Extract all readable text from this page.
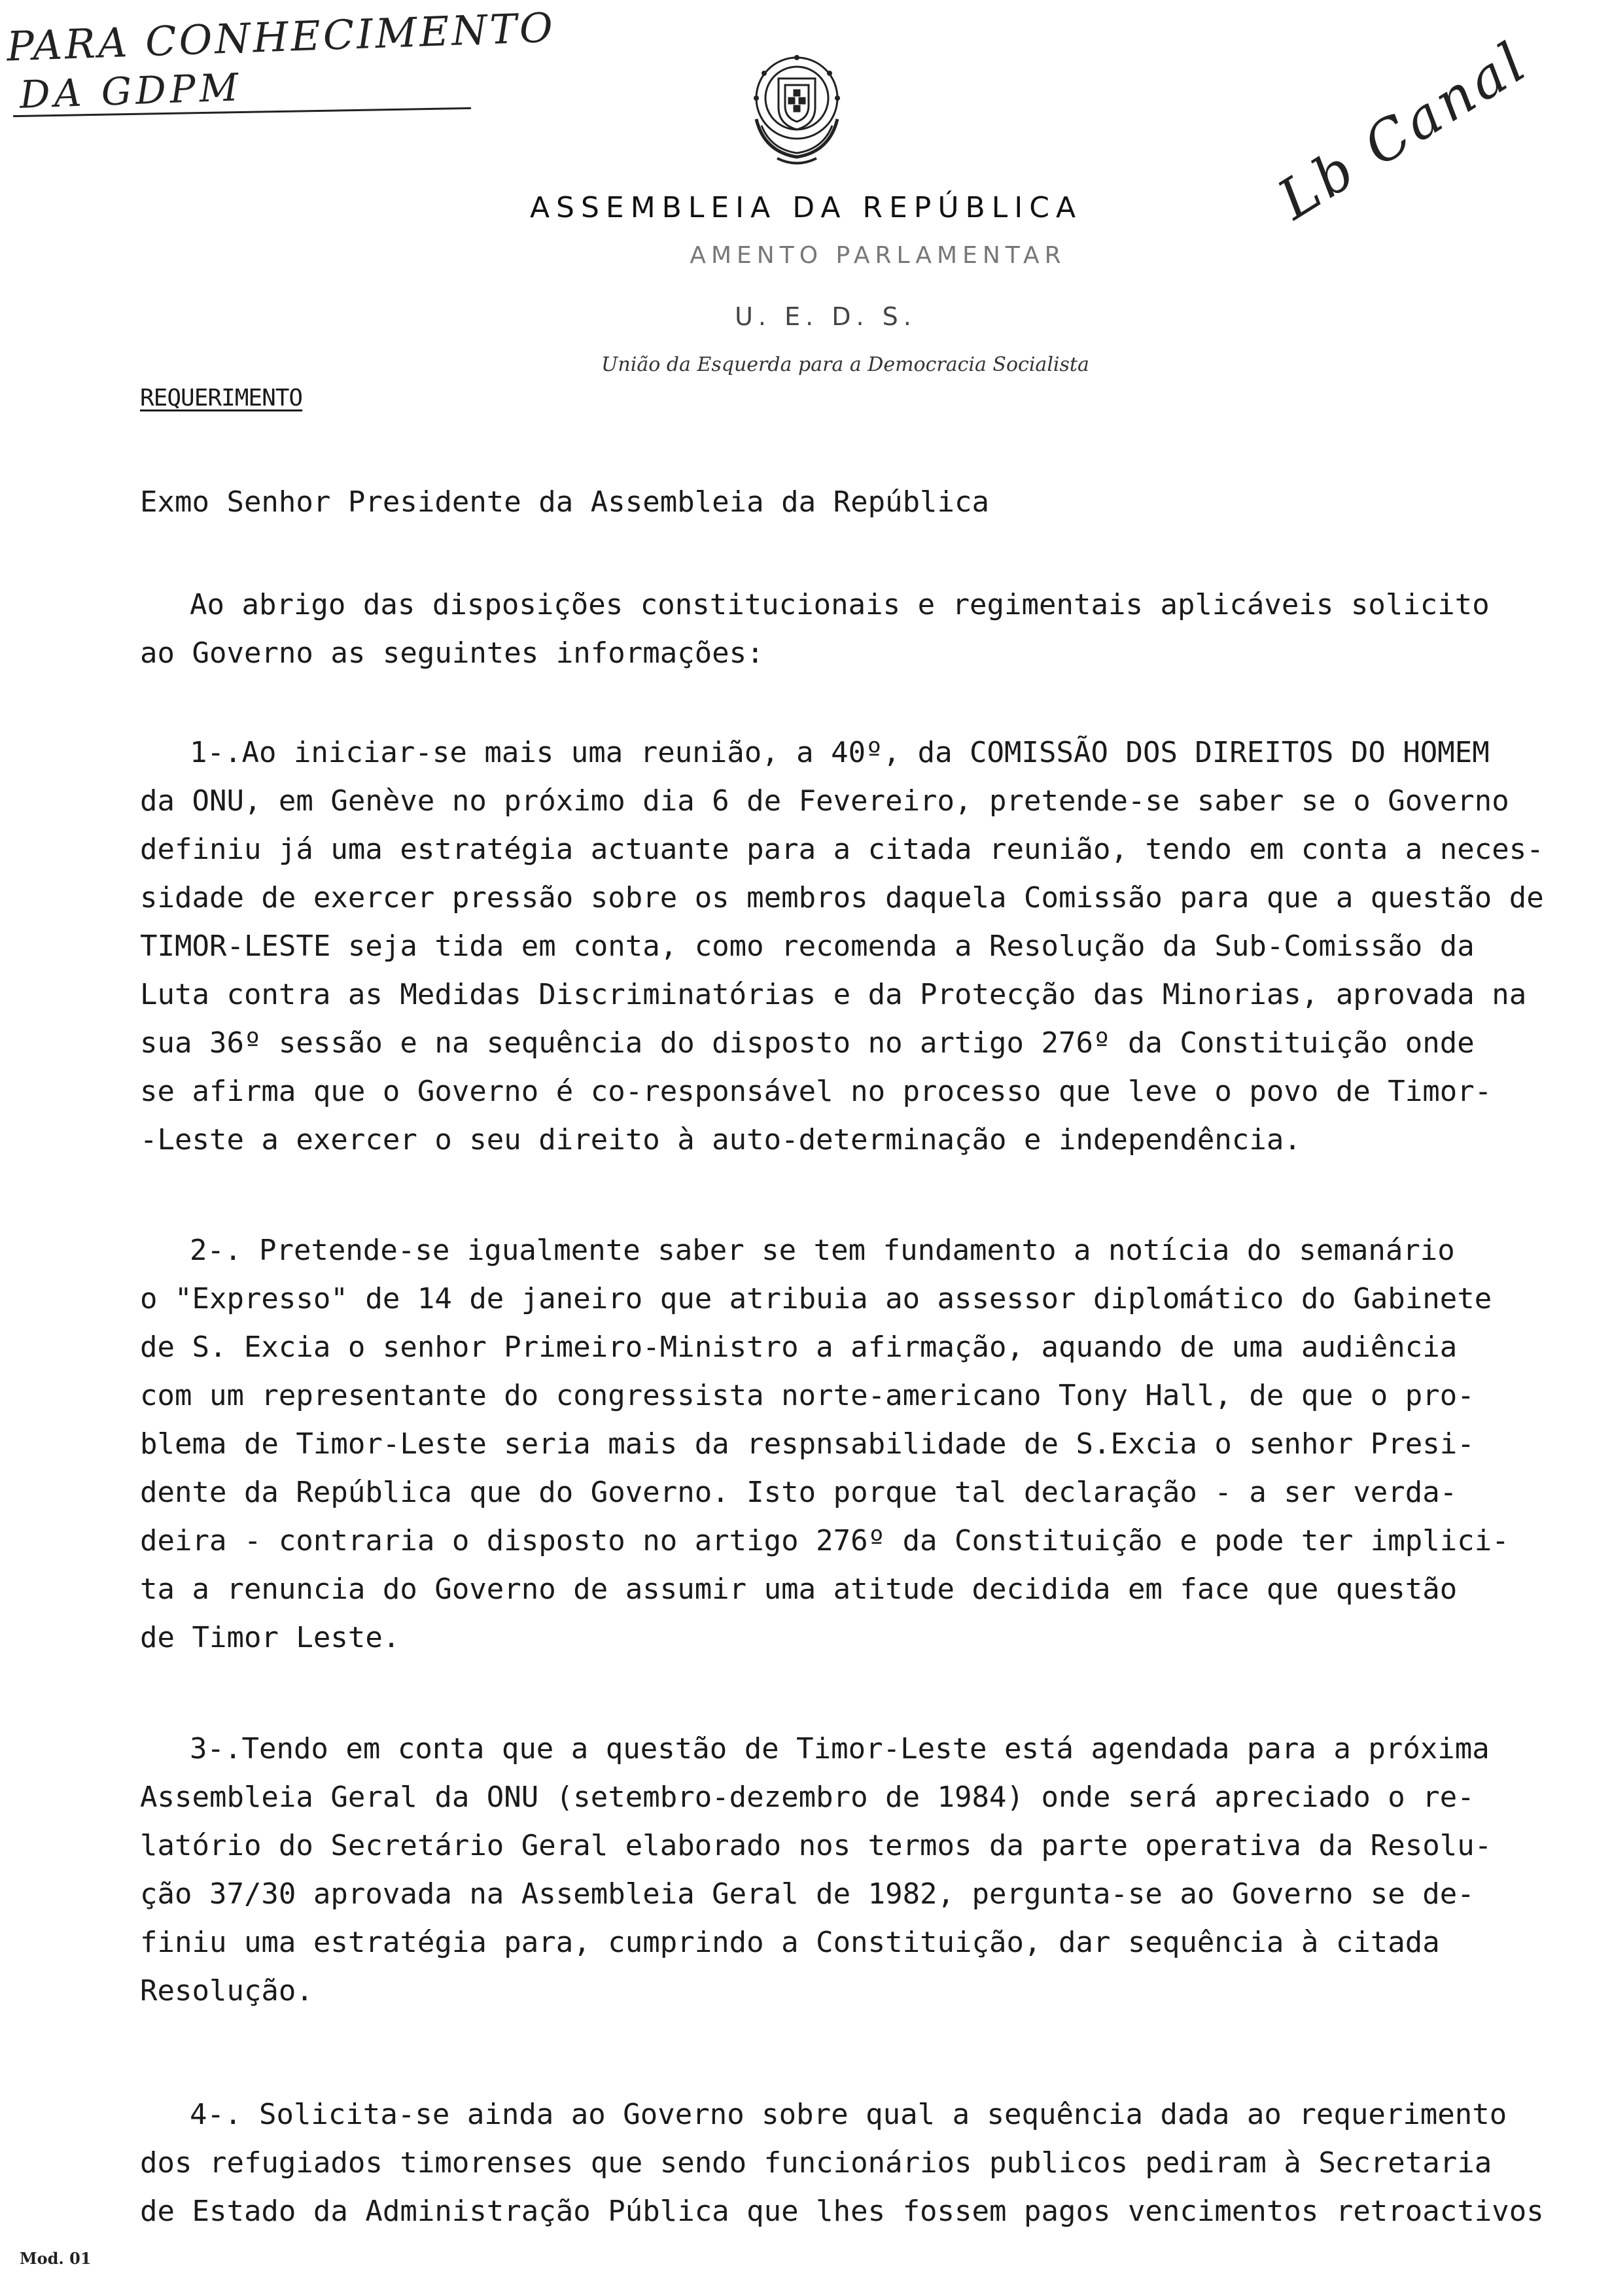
PARA CONHECIMENTO
DA GDPM	Lb Canal
ASSEMBLEIA DA REPÚBLICA
AMENTO PARLAMENTAR
U. E. D. S.
União da Esquerda para a Democracia Socialista
REQUERIMENTO
Exmo Senhor Presidente da Assembleia da República
Ao abrigo das disposições constitucionais e regimentais aplicáveis solicito
ao Governo as seguintes informações:
1-.Ao iniciar-se mais uma reunião, a 40º, da COMISSÃO DOS DIREITOS DO HOMEM
da ONU, em Genève no próximo dia 6 de Fevereiro, pretende-se saber se o Governo
definiu já uma estratégia actuante para a citada reunião, tendo em conta a neces-
sidade de exercer pressão sobre os membros daquela Comissão para que a questão de
TIMOR-LESTE seja tida em conta, como recomenda a Resolução da Sub-Comissão da
Luta contra as Medidas Discriminatórias e da Protecção das Minorias, aprovada na
sua 36º sessão e na sequência do disposto no artigo 276º da Constituição onde
se afirma que o Governo é co-responsável no processo que leve o povo de Timor-
-Leste a exercer o seu direito à auto-determinação e independência.
2-. Pretende-se igualmente saber se tem fundamento a notícia do semanário
o "Expresso" de 14 de janeiro que atribuia ao assessor diplomático do Gabinete
de S. Excia o senhor Primeiro-Ministro a afirmação, aquando de uma audiência
com um representante do congressista norte-americano Tony Hall, de que o pro-
blema de Timor-Leste seria mais da respnsabilidade de S.Excia o senhor Presi-
dente da República que do Governo. Isto porque tal declaração - a ser verda-
deira - contraria o disposto no artigo 276º da Constituição e pode ter implici-
ta a renuncia do Governo de assumir uma atitude decidida em face que questão
de Timor Leste.
3-.Tendo em conta que a questão de Timor-Leste está agendada para a próxima
Assembleia Geral da ONU (setembro-dezembro de 1984) onde será apreciado o re-
latório do Secretário Geral elaborado nos termos da parte operativa da Resolu-
ção 37/30 aprovada na Assembleia Geral de 1982, pergunta-se ao Governo se de-
finiu uma estratégia para, cumprindo a Constituição, dar sequência à citada
Resolução.
4-. Solicita-se ainda ao Governo sobre qual a sequência dada ao requerimento
dos refugiados timorenses que sendo funcionários publicos pediram à Secretaria
de Estado da Administração Pública que lhes fossem pagos vencimentos retroactivos
Mod. 01
